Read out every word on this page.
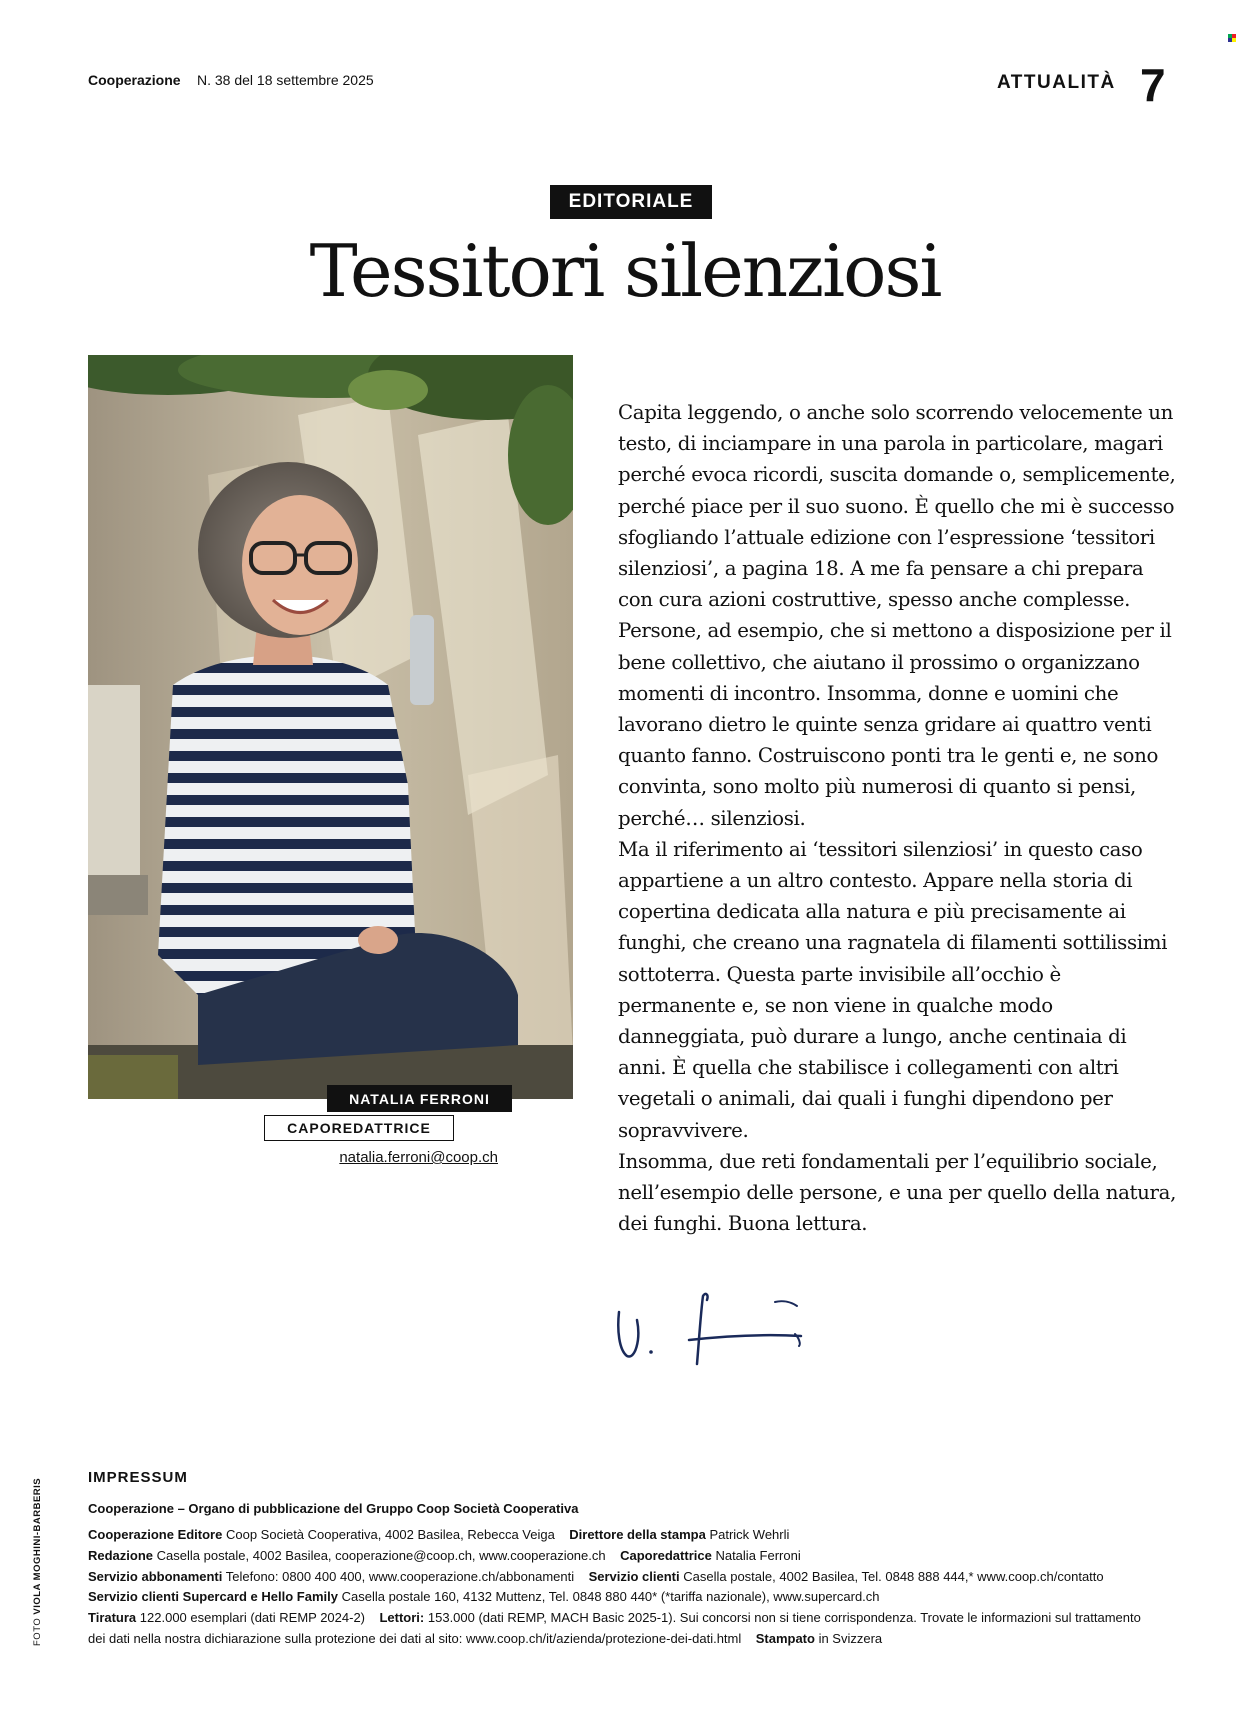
Cooperazione N. 38 del 18 settembre 2025	ATTUALITÀ 7
EDITORIALE
Tessitori silenziosi
NATALIA FERRONI
CAPOREDATTRICE
natalia.ferroni@coop.ch

Capita leggendo, o anche solo scorrendo velocemente un testo, di inciampare in una parola in particolare, magari perché evoca ricordi, suscita domande o, semplicemente, perché piace per il suo suono. È quello che mi è successo sfogliando l’attuale edizione con l’espressione ‘tessitori silenziosi’, a pagina 18. A me fa pensare a chi prepara con cura azioni costruttive, spesso anche complesse.

Persone, ad esempio, che si mettono a disposizione per il bene collettivo, che aiutano il prossimo o organizzano momenti di incontro. Insomma, donne e uomini che lavorano dietro le quinte senza gridare ai quattro venti quanto fanno. Costruiscono ponti tra le genti e, ne sono convinta, sono molto più numerosi di quanto si pensi, perché… silenziosi.

Ma il riferimento ai ‘tessitori silenziosi’ in questo caso appartiene a un altro contesto. Appare nella storia di copertina dedicata alla natura e più precisamente ai funghi, che creano una ragnatela di filamenti sottilissimi sottoterra. Questa parte invisibile all’occhio è permanente e, se non viene in qualche modo danneggiata, può durare a lungo, anche centinaia di anni. È quella che stabilisce i collegamenti con altri vegetali o animali, dai quali i funghi dipendono per sopravvivere.

Insomma, due reti fondamentali per l’equilibrio sociale, nell’esempio delle persone, e una per quello della natura, dei funghi. Buona lettura.

FOTO VIOLA MOGHINI-BARBERIS
IMPRESSUM
Cooperazione – Organo di pubblicazione del Gruppo Coop Società Cooperativa
Cooperazione Editore Coop Società Cooperativa, 4002 Basilea, Rebecca Veiga Direttore della stampa Patrick Wehrli
Redazione Casella postale, 4002 Basilea, cooperazione@coop.ch, www.cooperazione.ch Caporedattrice Natalia Ferroni
Servizio abbonamenti Telefono: 0800 400 400, www.cooperazione.ch/abbonamenti Servizio clienti Casella postale, 4002 Basilea, Tel. 0848 888 444,* www.coop.ch/contatto
Servizio clienti Supercard e Hello Family Casella postale 160, 4132 Muttenz, Tel. 0848 880 440* (*tariffa nazionale), www.supercard.ch
Tiratura 122.000 esemplari (dati REMP 2024-2) Lettori: 153.000 (dati REMP, MACH Basic 2025-1). Sui concorsi non si tiene corrispondenza. Trovate le informazioni sul trattamento
dei dati nella nostra dichiarazione sulla protezione dei dati al sito: www.coop.ch/it/azienda/protezione-dei-dati.html Stampato in Svizzera
